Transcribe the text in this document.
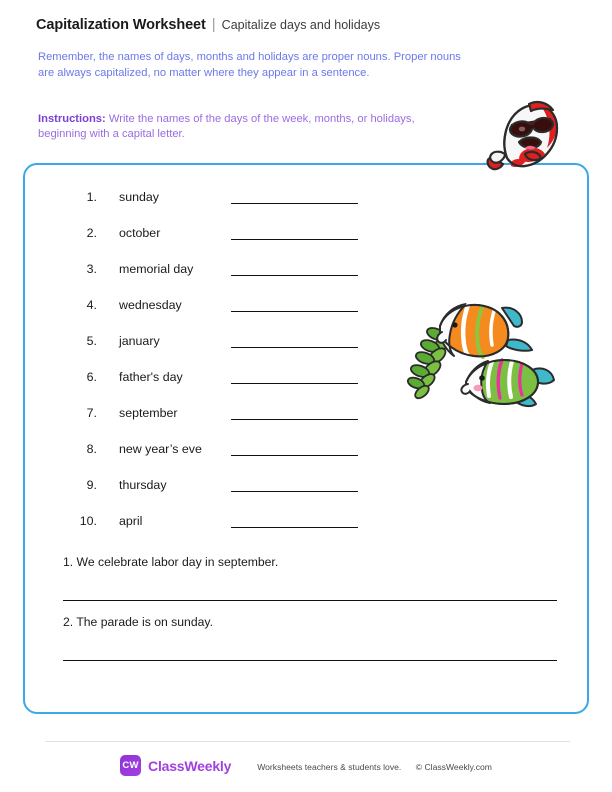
Capitalization Worksheet | Capitalize days and holidays
Remember, the names of days, months and holidays are proper nouns. Proper nouns are always capitalized, no matter where they appear in a sentence.
Instructions: Write the names of the days of the week, months, or holidays, beginning with a capital letter.
1. sunday
2. october
3. memorial day
4. wednesday
5. january
6. father's day
7. september
8. new year’s eve
9. thursday
10. april
1. We celebrate labor day in september.
2. The parade is on sunday.
CW ClassWeekly	Worksheets teachers & students love. © ClassWeekly.com
